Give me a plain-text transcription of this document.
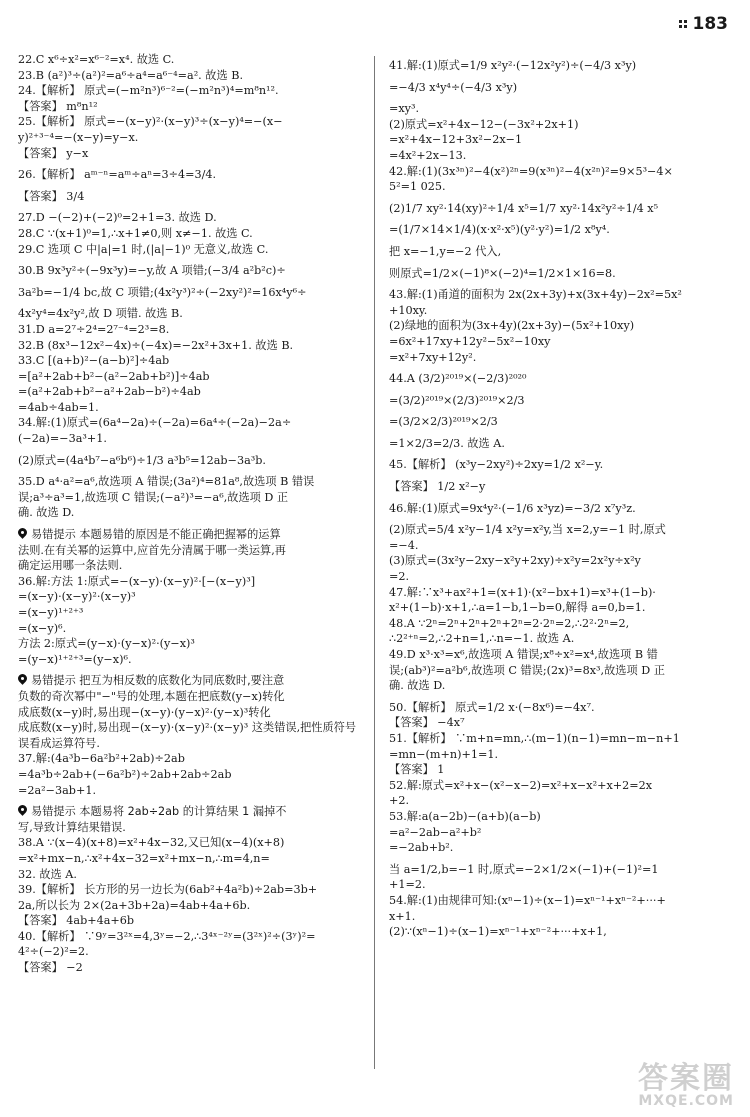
183
22.C x⁶÷x²=x⁶⁻²=x⁴. 故选 C.
23.B (a²)³÷(a²)²=a⁶÷a⁴=a⁶⁻⁴=a². 故选 B.
24.【解析】 原式=(−m²n³)⁶⁻²=(−m²n³)⁴=m⁸n¹².
【答案】 m⁸n¹²
25.【解析】 原式=−(x−y)²·(x−y)³÷(x−y)⁴=−(x−
y)²⁺³⁻⁴=−(x−y)=y−x.
【答案】 y−x
26.【解析】 aᵐ⁻ⁿ=aᵐ÷aⁿ=3÷4=3/4.
【答案】 3/4
27.D −(−2)+(−2)⁰=2+1=3. 故选 D.
28.C ∵(x+1)⁰=1,∴x+1≠0,则 x≠−1. 故选 C.
29.C 选项 C 中|a|=1 时,(|a|−1)⁰ 无意义,故选 C.
30.B 9x³y²÷(−9x³y)=−y,故 A 项错;(−3/4 a²b²c)÷
3a²b=−1/4 bc,故 C 项错;(4x²y³)²÷(−2xy²)²=16x⁴y⁶÷
4x²y⁴=4x²y²,故 D 项错. 故选 B.
31.D a=2⁷÷2⁴=2⁷⁻⁴=2³=8.
32.B (8x³−12x²−4x)÷(−4x)=−2x²+3x+1. 故选 B.
33.C [(a+b)²−(a−b)²]÷4ab
=[a²+2ab+b²−(a²−2ab+b²)]÷4ab
=(a²+2ab+b²−a²+2ab−b²)÷4ab
=4ab÷4ab=1.
34.解:(1)原式=(6a⁴−2a)÷(−2a)=6a⁴÷(−2a)−2a÷
(−2a)=−3a³+1.
(2)原式=(4a⁴b⁷−a⁶b⁶)÷1/3 a³b⁵=12ab−3a³b.
35.D a⁴·a²=a⁶,故选项 A 错误;(3a²)⁴=81a⁸,故选项 B 错误
误;a³÷a³=1,故选项 C 错误;(−a²)³=−a⁶,故选项 D 正
确. 故选 D.
易错提示 本题易错的原因是不能正确把握幂的运算
法则.在有关幂的运算中,应首先分清属于哪一类运算,再
确定运用哪一条法则.
36.解:方法 1:原式=−(x−y)·(x−y)²·[−(x−y)³]
=(x−y)·(x−y)²·(x−y)³
=(x−y)¹⁺²⁺³
=(x−y)⁶.
方法 2:原式=(y−x)·(y−x)²·(y−x)³
=(y−x)¹⁺²⁺³=(y−x)⁶.
易错提示 把互为相反数的底数化为同底数时,要注意
负数的奇次幂中"−"号的处理,本题在把底数(y−x)转化
成底数(x−y)时,易出现−(x−y)·(y−x)²·(y−x)³转化
成底数(x−y)时,易出现−(x−y)·(x−y)²·(x−y)³ 这类错误,把性质符号
误看成运算符号.
37.解:(4a³b−6a²b²+2ab)÷2ab
=4a³b÷2ab+(−6a²b²)÷2ab+2ab÷2ab
=2a²−3ab+1.
易错提示 本题易将 2ab÷2ab 的计算结果 1 漏掉不
写,导致计算结果错误.
38.A ∵(x−4)(x+8)=x²+4x−32,又已知(x−4)(x+8)
=x²+mx−n,∴x²+4x−32=x²+mx−n,∴m=4,n=
32. 故选 A.
39.【解析】 长方形的另一边长为(6ab²+4a²b)÷2ab=3b+
2a,所以长为 2×(2a+3b+2a)=4ab+4a+6b.
【答案】 4ab+4a+6b
40.【解析】 ∵9ʸ=3²ˣ=4,3ʸ=−2,∴3⁴ˣ⁻²ʸ=(3²ˣ)²÷(3ʸ)²=
4²÷(−2)²=2.
【答案】 −2
41.解:(1)原式=1/9 x²y²·(−12x²y²)÷(−4/3 x³y)
=−4/3 x⁴y⁴÷(−4/3 x³y)
=xy³.
(2)原式=x²+4x−12−(−3x²+2x+1)
=x²+4x−12+3x²−2x−1
=4x²+2x−13.
42.解:(1)(3x³ⁿ)²−4(x²)²ⁿ=9(x³ⁿ)²−4(x²ⁿ)²=9×5³−4×
5²=1 025.
(2)1/7 xy²·14(xy)²÷1/4 x⁵=1/7 xy²·14x²y²÷1/4 x⁵
=(1/7×14×1/4)(x·x²·x⁵)(y²·y²)=1/2 x⁸y⁴.
把 x=−1,y=−2 代入,
则原式=1/2×(−1)⁸×(−2)⁴=1/2×1×16=8.
43.解:(1)甬道的面积为 2x(2x+3y)+x(3x+4y)−2x²=5x²
+10xy.
(2)绿地的面积为(3x+4y)(2x+3y)−(5x²+10xy)
=6x²+17xy+12y²−5x²−10xy
=x²+7xy+12y².
44.A (3/2)²⁰¹⁹×(−2/3)²⁰²⁰
=(3/2)²⁰¹⁹×(2/3)²⁰¹⁹×2/3
=(3/2×2/3)²⁰¹⁹×2/3
=1×2/3=2/3. 故选 A.
45.【解析】 (x³y−2xy²)÷2xy=1/2 x²−y.
【答案】 1/2 x²−y
46.解:(1)原式=9x⁴y²·(−1/6 x³yz)=−3/2 x⁷y³z.
(2)原式=5/4 x²y−1/4 x²y=x²y,当 x=2,y=−1 时,原式
=−4.
(3)原式=(3x²y−2xy−x²y+2xy)÷x²y=2x²y÷x²y
=2.
47.解:∵x³+ax²+1=(x+1)·(x²−bx+1)=x³+(1−b)·
x²+(1−b)·x+1,∴a=1−b,1−b=0,解得 a=0,b=1.
48.A ∵2ⁿ=2ⁿ+2ⁿ+2ⁿ+2ⁿ=2·2ⁿ=2,∴2²·2ⁿ=2,
∴2²⁺ⁿ=2,∴2+n=1,∴n=−1. 故选 A.
49.D x³·x³=x⁶,故选项 A 错误;x⁸÷x²=x⁴,故选项 B 错
误;(ab³)²=a²b⁶,故选项 C 错误;(2x)³=8x³,故选项 D 正
确. 故选 D.
50.【解析】 原式=1/2 x·(−8x⁶)=−4x⁷.
【答案】 −4x⁷
51.【解析】 ∵m+n=mn,∴(m−1)(n−1)=mn−m−n+1
=mn−(m+n)+1=1.
【答案】 1
52.解:原式=x²+x−(x²−x−2)=x²+x−x²+x+2=2x
+2.
53.解:a(a−2b)−(a+b)(a−b)
=a²−2ab−a²+b²
=−2ab+b².
当 a=1/2,b=−1 时,原式=−2×1/2×(−1)+(−1)²=1
+1=2.
54.解:(1)由规律可知:(xⁿ−1)÷(x−1)=xⁿ⁻¹+xⁿ⁻²+···+
x+1.
(2)∵(xⁿ−1)÷(x−1)=xⁿ⁻¹+xⁿ⁻²+···+x+1,
答案圈
MXQE.COM
